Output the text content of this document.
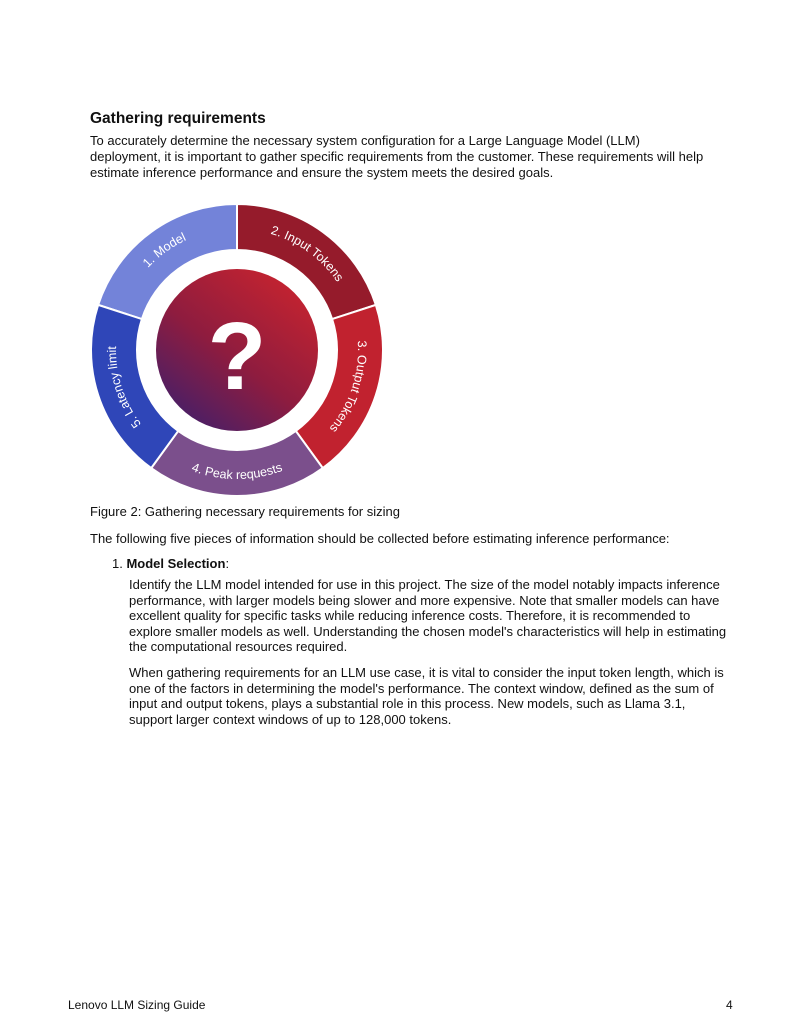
Gathering requirements

To accurately determine the necessary system configuration for a Large Language Model (LLM) deployment, it is important to gather specific requirements from the customer. These requirements will help estimate inference performance and ensure the system meets the desired goals.

?
1. Model	2. Input Tokens
3. Output Tokens
4. Peak requests
5. Latency limit

Figure 2: Gathering necessary requirements for sizing

The following five pieces of information should be collected before estimating inference performance:

1. Model Selection:

Identify the LLM model intended for use in this project. The size of the model notably impacts inference performance, with larger models being slower and more expensive. Note that smaller models can have excellent quality for specific tasks while reducing inference costs. Therefore, it is recommended to explore smaller models as well. Understanding the chosen model's characteristics will help in estimating the computational resources required.

When gathering requirements for an LLM use case, it is vital to consider the input token length, which is one of the factors in determining the model's performance. The context window, defined as the sum of input and output tokens, plays a substantial role in this process. New models, such as Llama 3.1, support larger context windows of up to 128,000 tokens.

Lenovo LLM Sizing Guide	4
